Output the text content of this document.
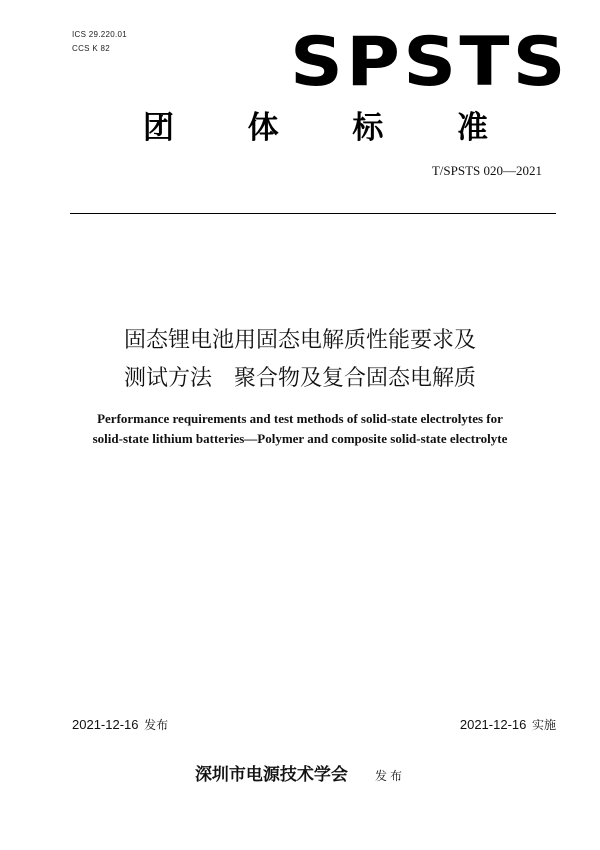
ICS 29.220.01
CCS K 82	SPSTS
团 体 标 准
T/SPSTS 020—2021
固态锂电池用固态电解质性能要求及
测试方法　聚合物及复合固态电解质
Performance requirements and test methods of solid-state electrolytes for
solid-state lithium batteries—Polymer and composite solid-state electrolyte
2021-12-16 发布	2021-12-16 实施
深圳市电源技术学会 发布
